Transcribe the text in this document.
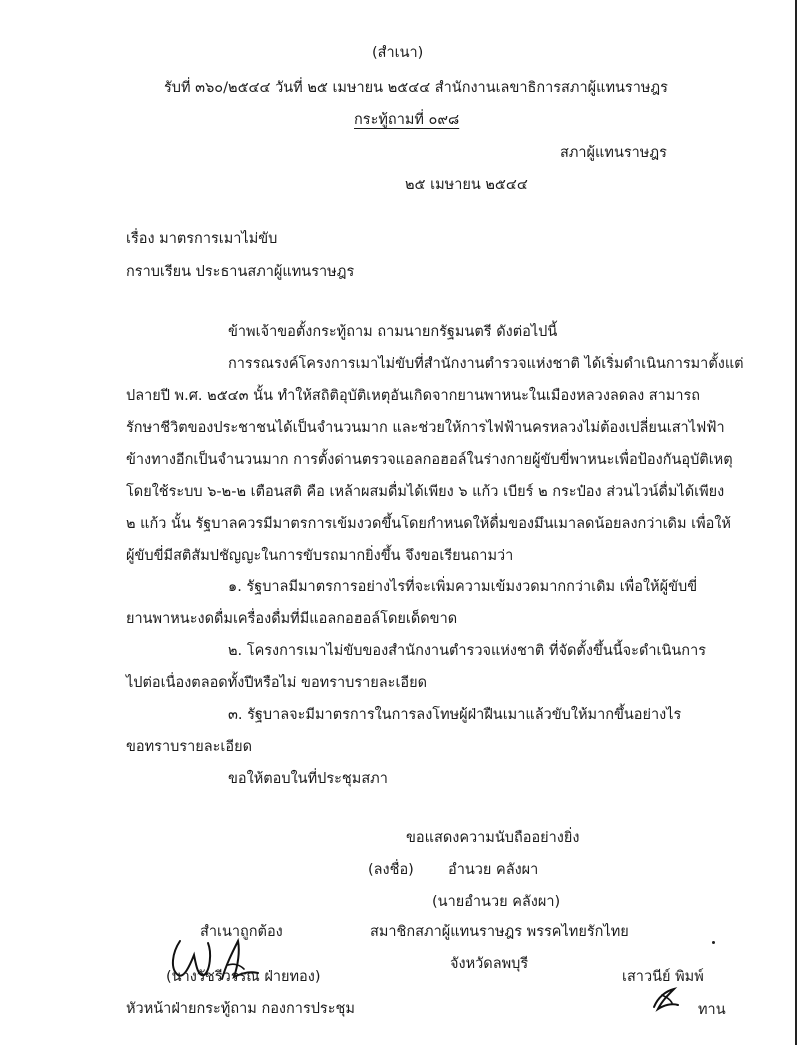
(สำเนา)
รับที่ ๓๖๐/๒๕๔๔ วันที่ ๒๕ เมษายน ๒๕๔๔ สำนักงานเลขาธิการสภาผู้แทนราษฎร
กระทู้ถามที่ ๐๙๘
สภาผู้แทนราษฎร
๒๕ เมษายน ๒๕๔๔
เรื่อง มาตรการเมาไม่ขับ
กราบเรียน ประธานสภาผู้แทนราษฎร
ข้าพเจ้าขอตั้งกระทู้ถาม ถามนายกรัฐมนตรี ดังต่อไปนี้
การรณรงค์โครงการเมาไม่ขับที่สำนักงานตำรวจแห่งชาติ ได้เริ่มดำเนินการมาตั้งแต่
ปลายปี พ.ศ. ๒๕๔๓ นั้น ทำให้สถิติอุบัติเหตุอันเกิดจากยานพาหนะในเมืองหลวงลดลง สามารถ
รักษาชีวิตของประชาชนได้เป็นจำนวนมาก และช่วยให้การไฟฟ้านครหลวงไม่ต้องเปลี่ยนเสาไฟฟ้า
ข้างทางอีกเป็นจำนวนมาก การตั้งด่านตรวจแอลกอฮอล์ในร่างกายผู้ขับขี่พาหนะเพื่อป้องกันอุบัติเหตุ
โดยใช้ระบบ ๖-๒-๒ เตือนสติ คือ เหล้าผสมดื่มได้เพียง ๖ แก้ว เบียร์ ๒ กระป๋อง ส่วนไวน์ดื่มได้เพียง
๒ แก้ว นั้น รัฐบาลควรมีมาตรการเข้มงวดขึ้นโดยกำหนดให้ดื่มของมึนเมาลดน้อยลงกว่าเดิม เพื่อให้
ผู้ขับขี่มีสติสัมปชัญญะในการขับรถมากยิ่งขึ้น จึงขอเรียนถามว่า
๑. รัฐบาลมีมาตรการอย่างไรที่จะเพิ่มความเข้มงวดมากกว่าเดิม เพื่อให้ผู้ขับขี่
ยานพาหนะงดดื่มเครื่องดื่มที่มีแอลกอฮอล์โดยเด็ดขาด
๒. โครงการเมาไม่ขับของสำนักงานตำรวจแห่งชาติ ที่จัดตั้งขึ้นนี้จะดำเนินการ
ไปต่อเนื่องตลอดทั้งปีหรือไม่ ขอทราบรายละเอียด
๓. รัฐบาลจะมีมาตรการในการลงโทษผู้ฝ่าฝืนเมาแล้วขับให้มากขึ้นอย่างไร
ขอทราบรายละเอียด
ขอให้ตอบในที่ประชุมสภา
ขอแสดงความนับถืออย่างยิ่ง
(ลงชื่อ) อำนวย คลังผา
(นายอำนวย คลังผา)
สมาชิกสภาผู้แทนราษฎร พรรคไทยรักไทย
จังหวัดลพบุรี
สำเนาถูกต้อง
(นางวัชรีวรรณ ฝ่ายทอง)
หัวหน้าฝ่ายกระทู้ถาม กองการประชุม
เสาวนีย์ พิมพ์
ทาน
